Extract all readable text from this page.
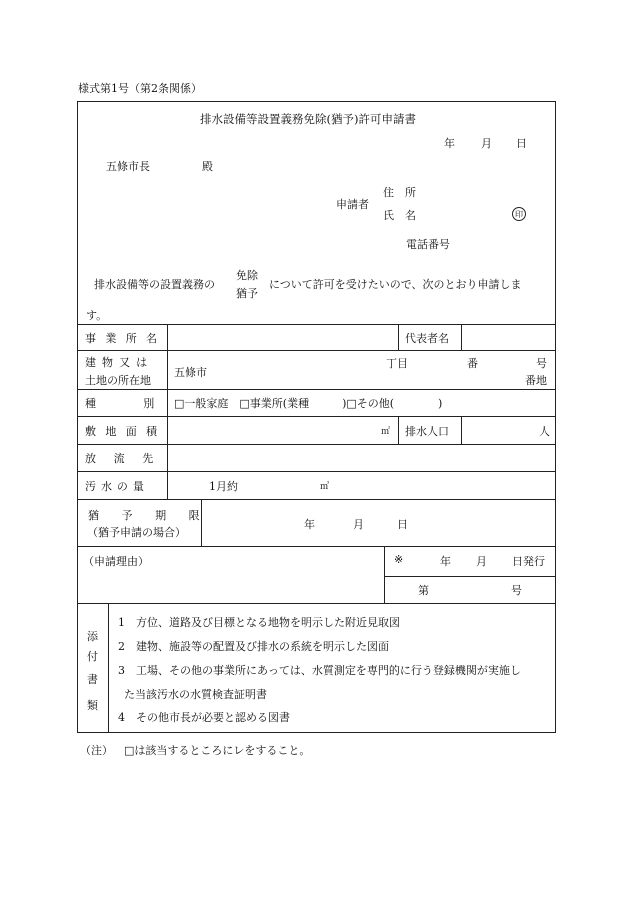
様式第1号（第2条関係）
排水設備等設置義務免除(猶予)許可申請書
年 月 日
五條市長	殿
申請者
住　所
氏　名	印
電話番号
排水設備等の設置義務の
免除
猶予
について許可を受けたいので、次のとおり申請しま
す。
事業所名	代表者名
建物又は
土地の所在地
五條市
丁目	番	号
番地
種別
□一般家庭　□事業所(業種　　　)□その他(　　　　)
敷地面積	㎡ 排水人口	人
放流先
汚水の量	1月約	㎥
猶予期限
（猶予申請の場合）
年	月	日
（申請理由）	※	年 月 日発行
第	号
添
付
書
類
1　方位、道路及び目標となる地物を明示した附近見取図
2　建物、施設等の配置及び排水の系統を明示した図面
3　工場、その他の事業所にあっては、水質測定を専門的に行う登録機関が実施し
た当該汚水の水質検査証明書
4　その他市長が必要と認める図書
（注） □は該当するところにレをすること。
